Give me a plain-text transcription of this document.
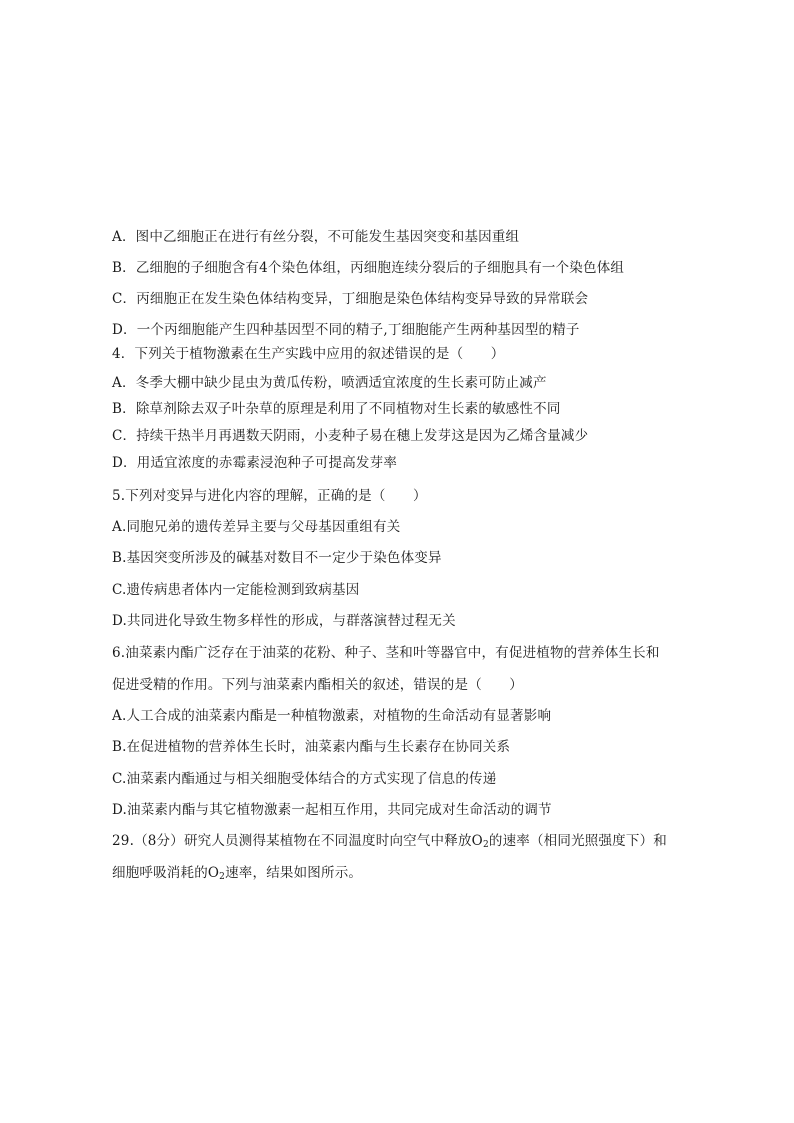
A．图中乙细胞正在进行有丝分裂，不可能发生基因突变和基因重组
B．乙细胞的子细胞含有4个染色体组，丙细胞连续分裂后的子细胞具有一个染色体组
C．丙细胞正在发生染色体结构变异，丁细胞是染色体结构变异导致的异常联会
D．一个丙细胞能产生四种基因型不同的精子,丁细胞能产生两种基因型的精子
4．下列关于植物激素在生产实践中应用的叙述错误的是（　　）
A．冬季大棚中缺少昆虫为黄瓜传粉，喷洒适宜浓度的生长素可防止减产
B．除草剂除去双子叶杂草的原理是利用了不同植物对生长素的敏感性不同
C．持续干热半月再遇数天阴雨，小麦种子易在穗上发芽这是因为乙烯含量减少
D．用适宜浓度的赤霉素浸泡种子可提高发芽率
5.下列对变异与进化内容的理解，正确的是（　　）
A.同胞兄弟的遗传差异主要与父母基因重组有关
B.基因突变所涉及的碱基对数目不一定少于染色体变异
C.遗传病患者体内一定能检测到致病基因
D.共同进化导致生物多样性的形成，与群落演替过程无关
6.油菜素内酯广泛存在于油菜的花粉、种子、茎和叶等器官中，有促进植物的营养体生长和
促进受精的作用。下列与油菜素内酯相关的叙述，错误的是（　　）
A.人工合成的油菜素内酯是一种植物激素，对植物的生命活动有显著影响
B.在促进植物的营养体生长时，油菜素内酯与生长素存在协同关系
C.油菜素内酯通过与相关细胞受体结合的方式实现了信息的传递
D.油菜素内酯与其它植物激素一起相互作用，共同完成对生命活动的调节
29.（8分）研究人员测得某植物在不同温度时向空气中释放$O_2$的速率（相同光照强度下）和
细胞呼吸消耗的$O_2$速率，结果如图所示。
